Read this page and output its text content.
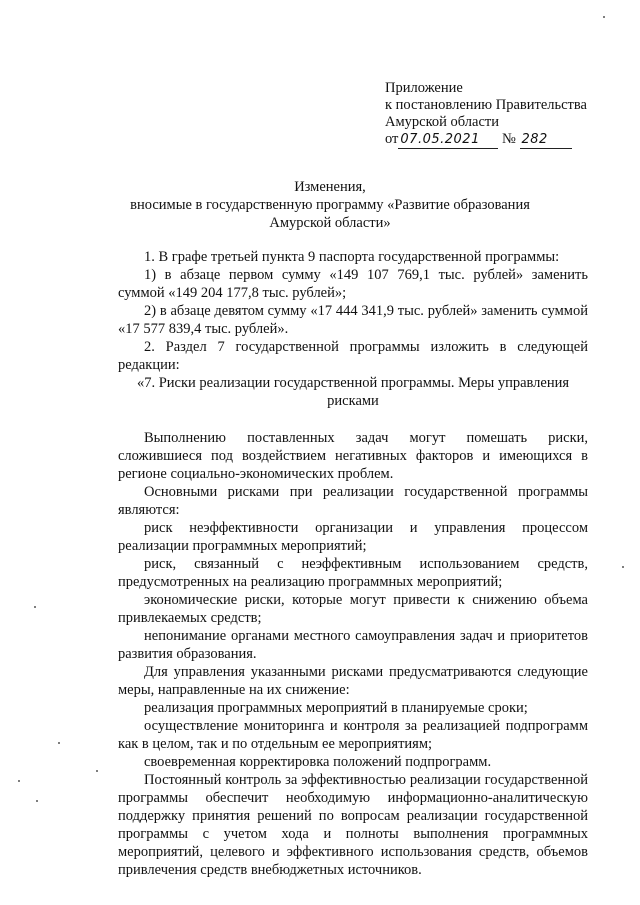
Приложение
к постановлению Правительства
Амурской области
от 07.05.2021 № 282
Изменения,
вносимые в государственную программу «Развитие образования
Амурской области»

1. В графе третьей пункта 9 паспорта государственной программы:

1) в абзаце первом сумму «149 107 769,1 тыс. рублей» заменить суммой «149 204 177,8 тыс. рублей»;

2) в абзаце девятом сумму «17 444 341,9 тыс. рублей» заменить суммой «17 577 839,4 тыс. рублей».

2. Раздел 7 государственной программы изложить в следующей редакции:

«7. Риски реализации государственной программы. Меры управления рисками

Выполнению поставленных задач могут помешать риски, сложившиеся под воздействием негативных факторов и имеющихся в регионе социально-экономических проблем.

Основными рисками при реализации государственной программы являются:

риск неэффективности организации и управления процессом реализации программных мероприятий;

риск, связанный с неэффективным использованием средств, предусмотренных на реализацию программных мероприятий;

экономические риски, которые могут привести к снижению объема привлекаемых средств;

непонимание органами местного самоуправления задач и приоритетов развития образования.

Для управления указанными рисками предусматриваются следующие меры, направленные на их снижение:

реализация программных мероприятий в планируемые сроки;

осуществление мониторинга и контроля за реализацией подпрограмм как в целом, так и по отдельным ее мероприятиям;

своевременная корректировка положений подпрограмм.

Постоянный контроль за эффективностью реализации государственной программы обеспечит необходимую информационно-аналитическую поддержку принятия решений по вопросам реализации государственной программы с учетом хода и полноты выполнения программных мероприятий, целевого и эффективного использования средств, объемов привлечения средств внебюджетных источников.
